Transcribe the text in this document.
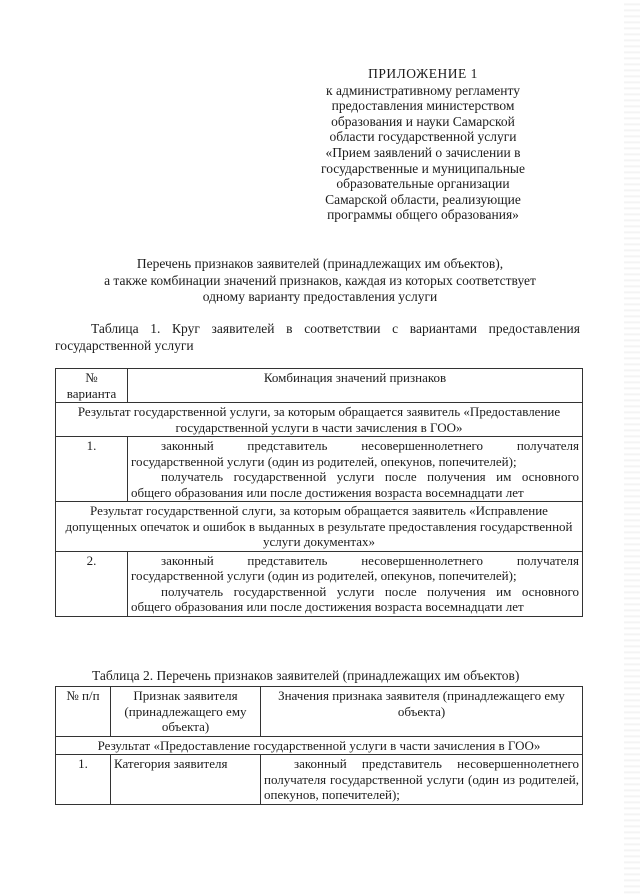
ПРИЛОЖЕНИЕ 1
к административному регламенту
предоставления министерством
образования и науки Самарской
области государственной услуги
«Прием заявлений о зачислении в
государственные и муниципальные
образовательные организации
Самарской области, реализующие
программы общего образования»
Перечень признаков заявителей (принадлежащих им объектов),
а также комбинации значений признаков, каждая из которых соответствует
одному варианту предоставления услуги
Таблица 1. Круг заявителей в соответствии с вариантами предоставления
государственной услуги
№ варианта	Комбинация значений признаков
Результат государственной услуги, за которым обращается заявитель «Предоставление государственной услуги в части зачисления в ГОО»	
1.	законный представитель несовершеннолетнего получателя государственной услуги (один из родителей, опекунов, попечителей);

получатель государственной услуги после получения им основного общего образования или после достижения возраста восемнадцати лет

Результат государственной слуги, за которым обращается заявитель «Исправление допущенных опечаток и ошибок в выданных в результате предоставления государственной услуги документах»	
2.	законный представитель несовершеннолетнего получателя государственной услуги (один из родителей, опекунов, попечителей);

получатель государственной услуги после получения им основного общего образования или после достижения возраста восемнадцати лет

Таблица 2. Перечень признаков заявителей (принадлежащих им объектов)
№ п/п	Признак заявителя (принадлежащего ему объекта)	Значения признака заявителя (принадлежащего ему объекта)
Результат «Предоставление государственной услуги в части зачисления в ГОО»		
1.	Категория заявителя	законный представитель несовершеннолетнего получателя государственной услуги (один из родителей, опекунов, попечителей);
